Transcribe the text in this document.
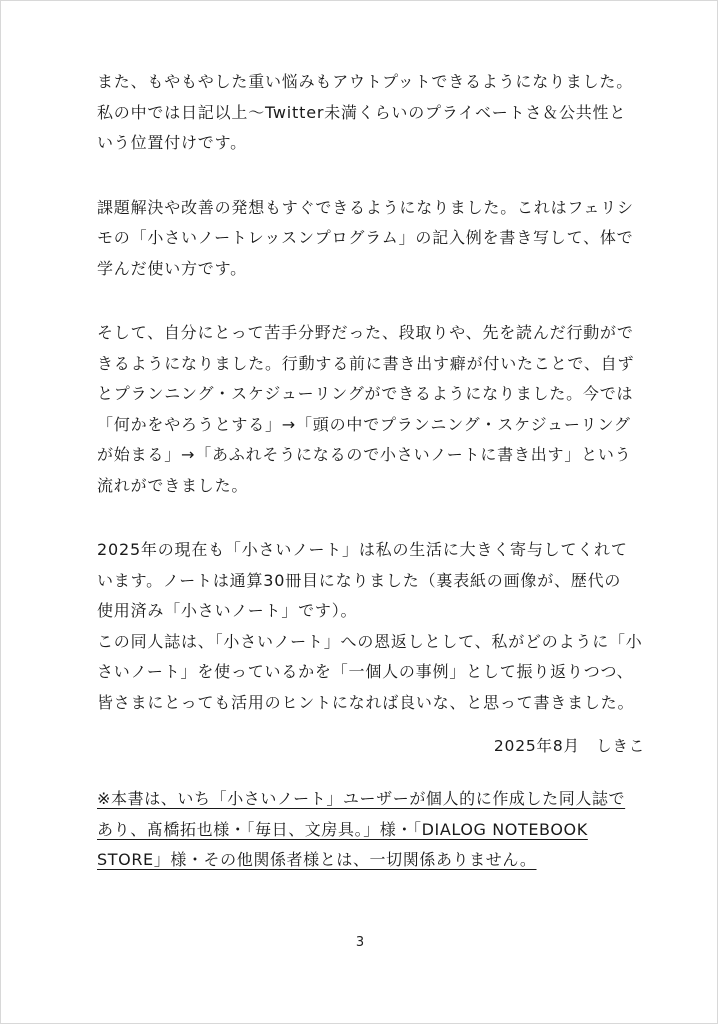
また、もやもやした重い悩みもアウトプットできるようになりました。
私の中では日記以上～Twitter未満くらいのプライベートさ＆公共性と
いう位置付けです。

課題解決や改善の発想もすぐできるようになりました。これはフェリシ
モの「小さいノートレッスンプログラム」の記入例を書き写して、体で
学んだ使い方です。

そして、自分にとって苦手分野だった、段取りや、先を読んだ行動がで
きるようになりました。行動する前に書き出す癖が付いたことで、自ず
とプランニング・スケジューリングができるようになりました。今では
「何かをやろうとする」→「頭の中でプランニング・スケジューリング
が始まる」→「あふれそうになるので小さいノートに書き出す」という
流れができました。

2025年の現在も「小さいノート」は私の生活に大きく寄与してくれて
います。ノートは通算30冊目になりました（裏表紙の画像が、歴代の
使用済み「小さいノート」です）。
この同人誌は、「小さいノート」への恩返しとして、私がどのように「小
さいノート」を使っているかを「一個人の事例」として振り返りつつ、
皆さまにとっても活用のヒントになれば良いな、と思って書きました。

2025年8月　しきこ

※本書は、いち「小さいノート」ユーザーが個人的に作成した同人誌で
あり、髙橋拓也様・「毎日、文房具。」様・「DIALOG NOTEBOOK
STORE」様・その他関係者様とは、一切関係ありません。

3
